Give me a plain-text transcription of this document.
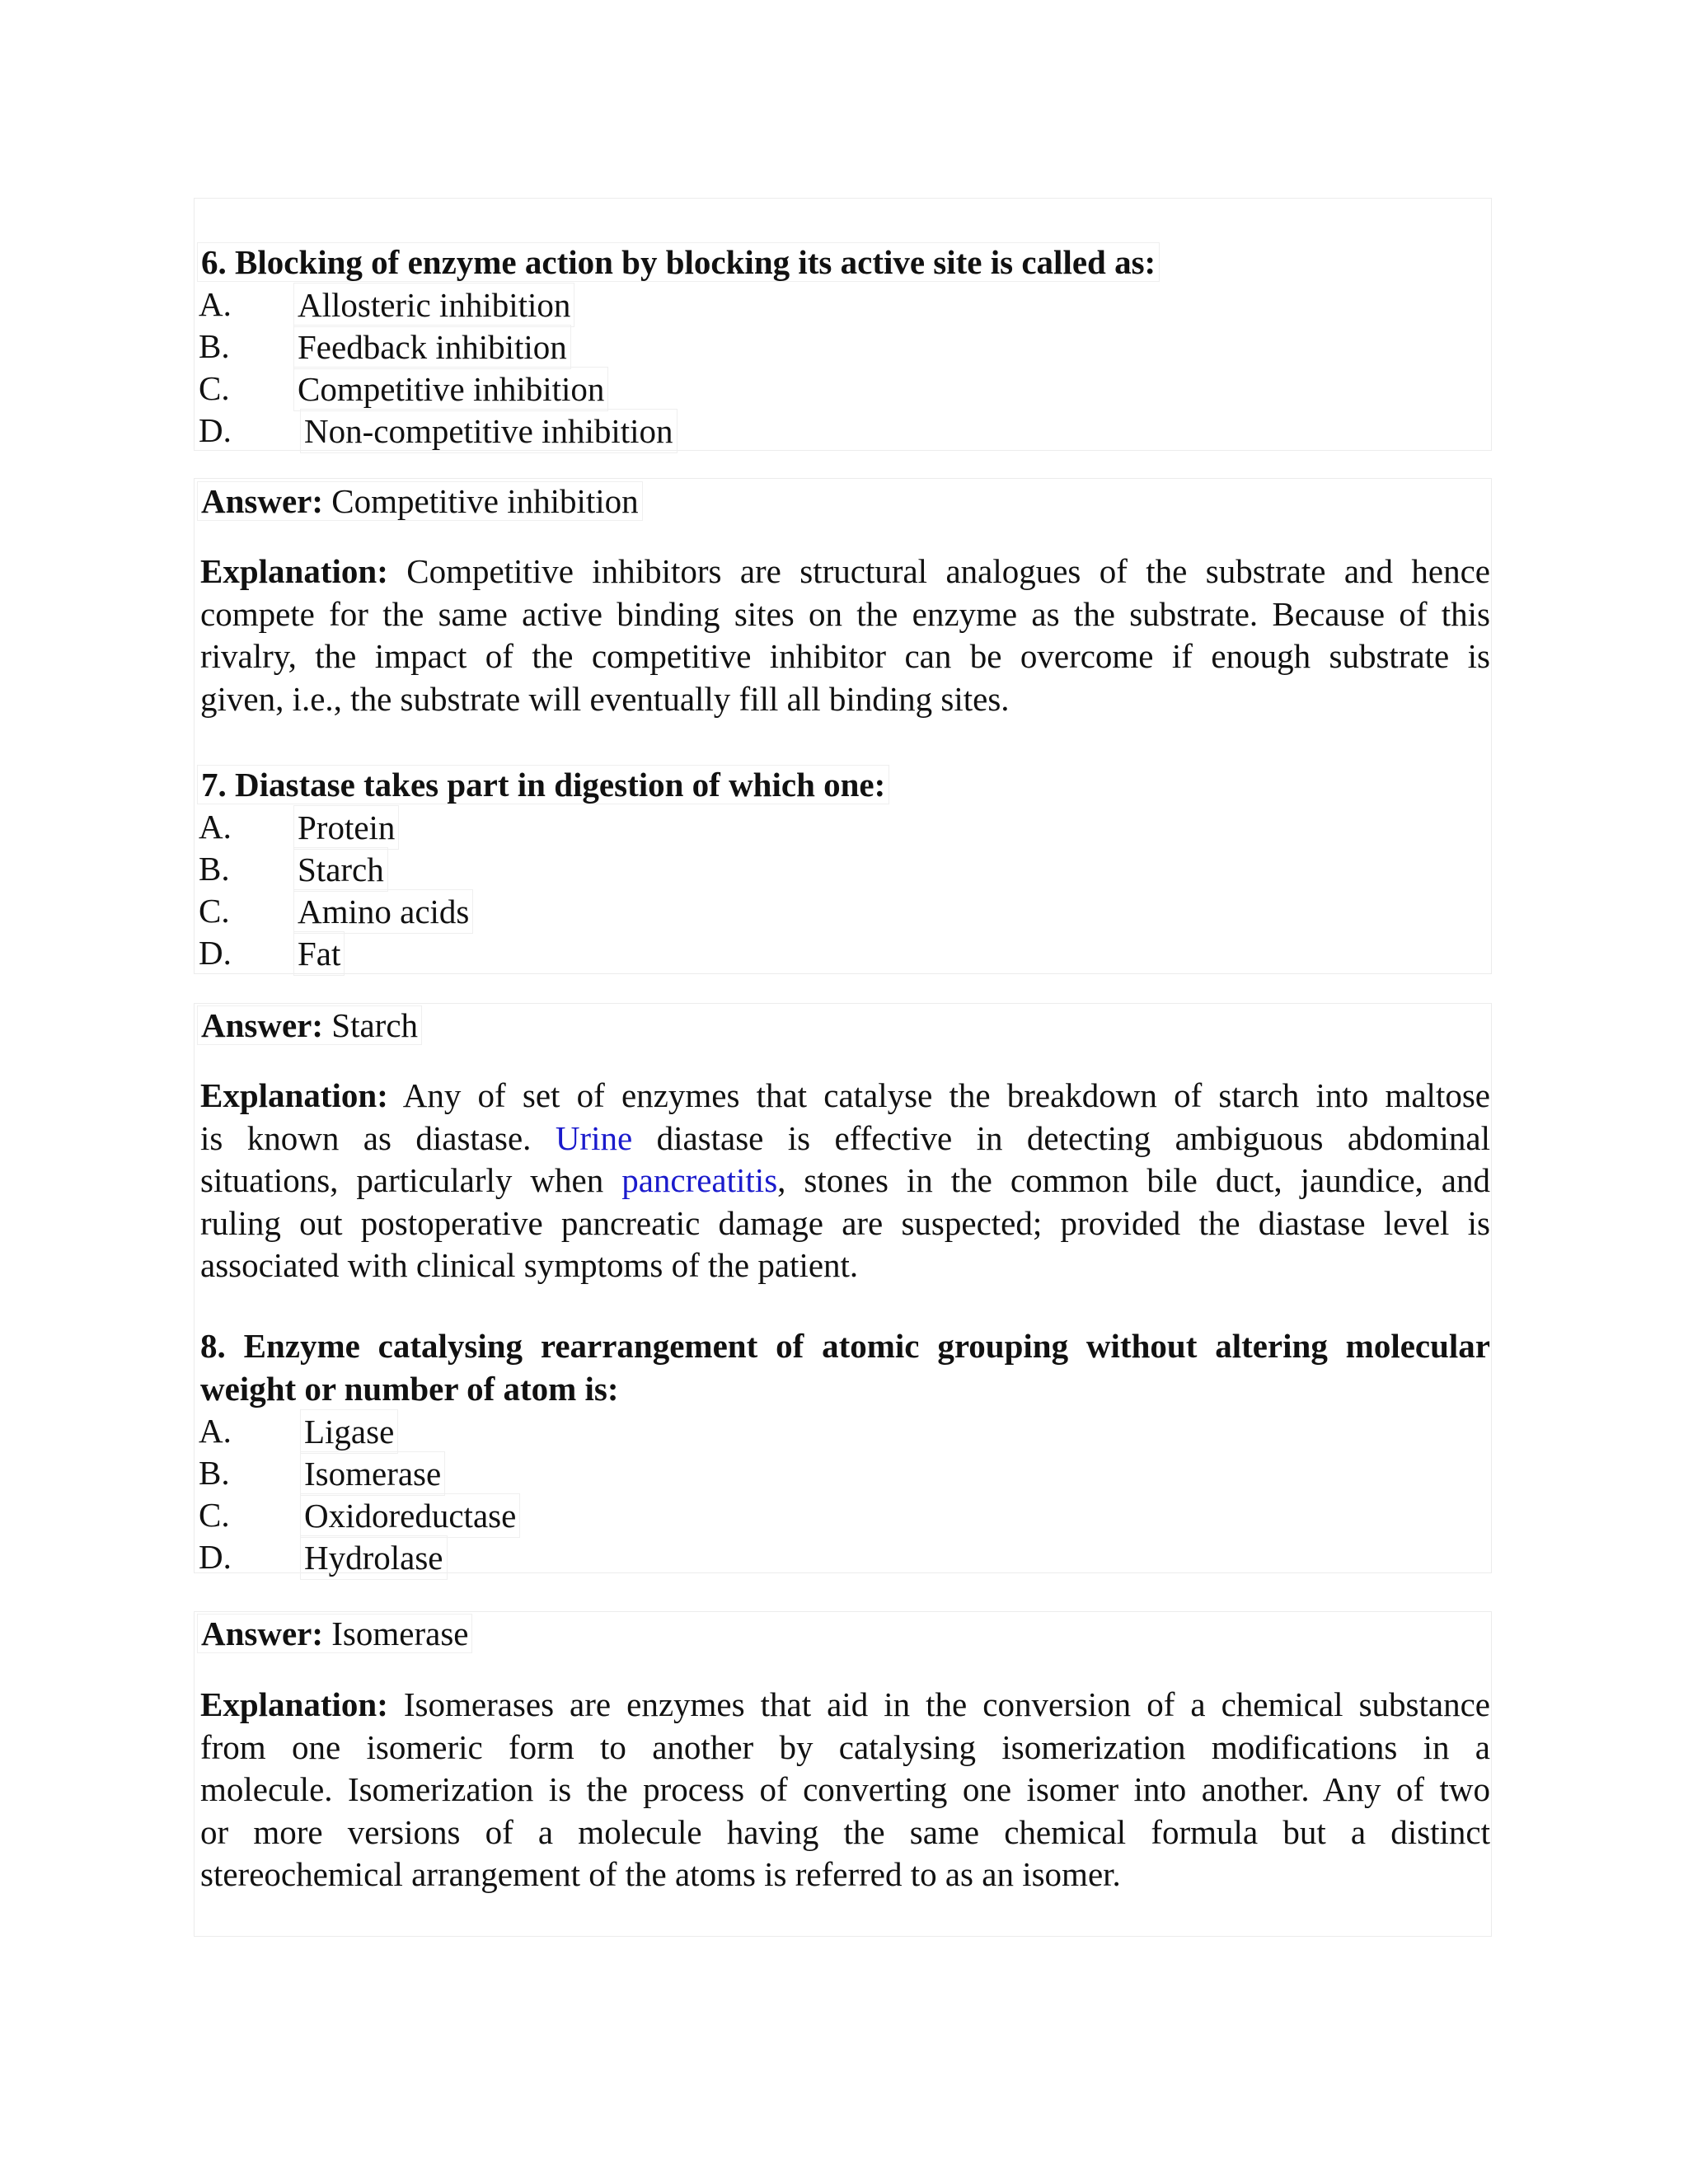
6. Blocking of enzyme action by blocking its active site is called as:
A. Allosteric inhibition
B. Feedback inhibition
C. Competitive inhibition
D. Non-competitive inhibition
Answer: Competitive inhibition
Explanation: Competitive inhibitors are structural analogues of the substrate and hence
compete for the same active binding sites on the enzyme as the substrate. Because of this
rivalry, the impact of the competitive inhibitor can be overcome if enough substrate is
given, i.e., the substrate will eventually fill all binding sites.
7. Diastase takes part in digestion of which one:
A. Protein
B. Starch
C. Amino acids
D. Fat
Answer: Starch
Explanation: Any of set of enzymes that catalyse the breakdown of starch into maltose
is known as diastase. Urine diastase is effective in detecting ambiguous abdominal
situations, particularly when pancreatitis, stones in the common bile duct, jaundice, and
ruling out postoperative pancreatic damage are suspected; provided the diastase level is
associated with clinical symptoms of the patient.
8. Enzyme catalysing rearrangement of atomic grouping without altering molecular
weight or number of atom is:
A. Ligase
B. Isomerase
C. Oxidoreductase
D. Hydrolase
Answer: Isomerase
Explanation: Isomerases are enzymes that aid in the conversion of a chemical substance
from one isomeric form to another by catalysing isomerization modifications in a
molecule. Isomerization is the process of converting one isomer into another. Any of two
or more versions of a molecule having the same chemical formula but a distinct
stereochemical arrangement of the atoms is referred to as an isomer.
